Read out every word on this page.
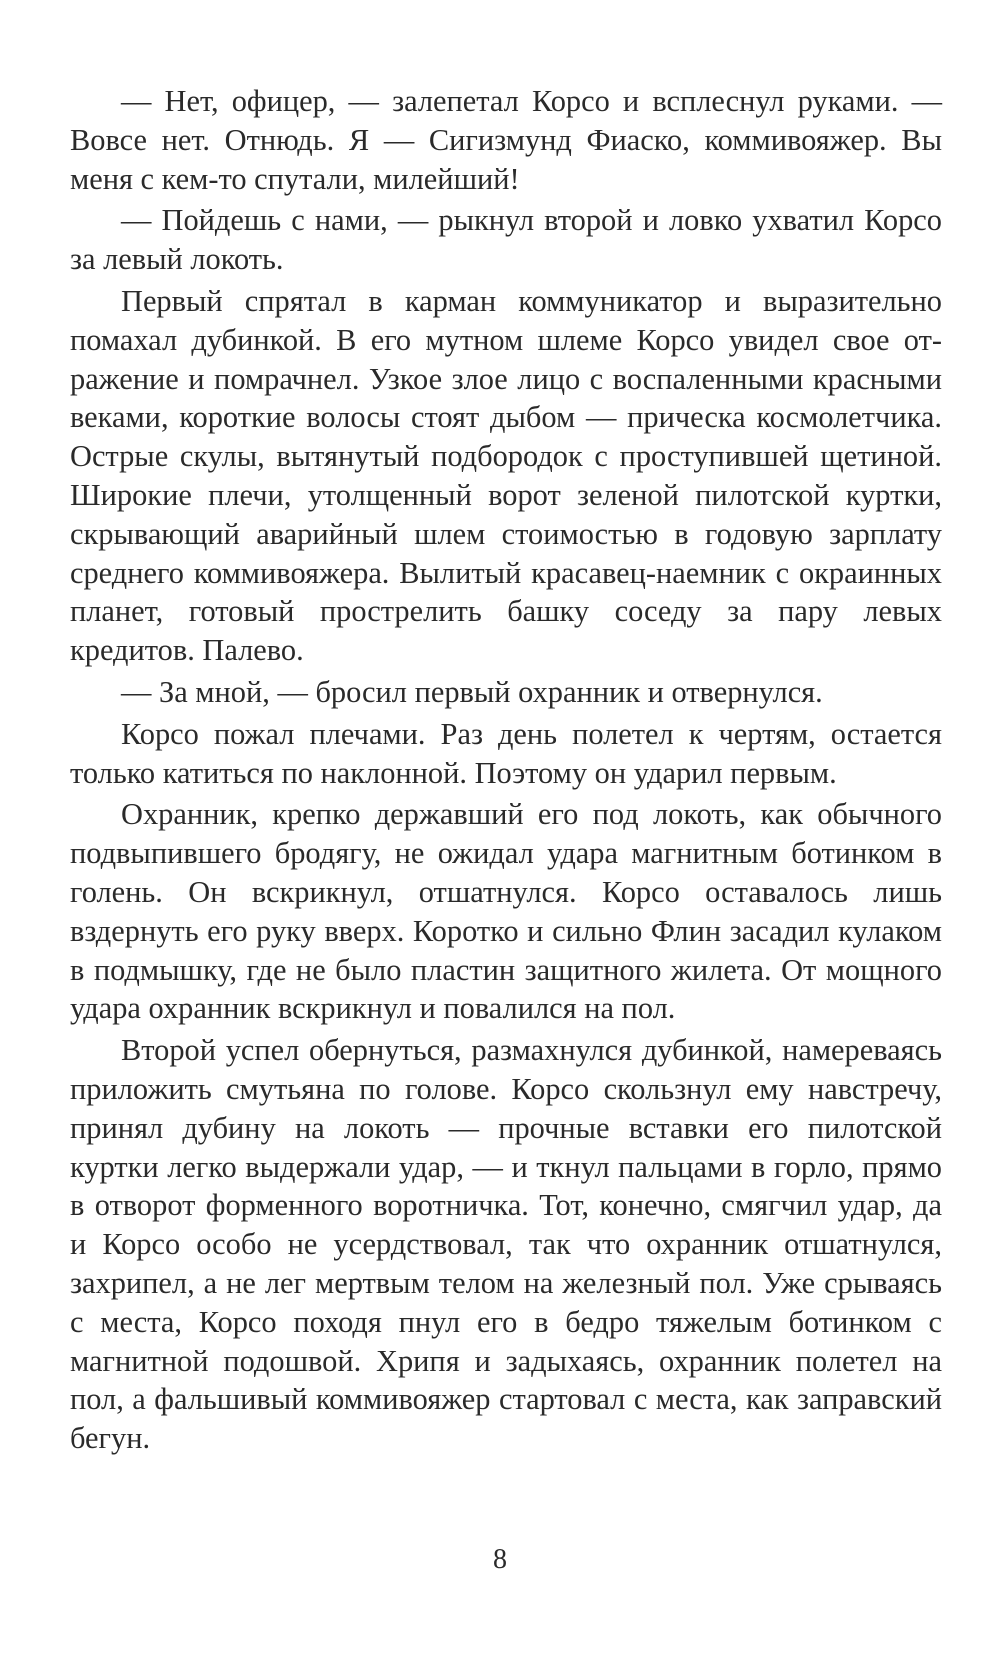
— Нет, офицер, — залепетал Корсо и всплеснул руками. — Вовсе нет. Отнюдь. Я — Сигизмунд Фиаско, коммивояжер. Вы меня с кем-то спутали, милейший!

— Пойдешь с нами, — рыкнул второй и ловко ухватил Корсо за левый локоть.

Первый спрятал в карман коммуникатор и выразительно помахал дубинкой. В его мутном шлеме Корсо увидел свое отражение и помрачнел. Узкое злое лицо с воспаленными красными веками, короткие волосы стоят дыбом — прическа космолетчика. Острые скулы, вытянутый подбородок с проступившей щетиной. Широкие плечи, утолщенный ворот зеленой пилотской куртки, скрывающий аварийный шлем стоимостью в годовую зарплату среднего коммивояжера. Вылитый красавец-наемник с окраинных планет, готовый прострелить башку соседу за пару левых кредитов. Палево.

— За мной, — бросил первый охранник и отвернулся.

Корсо пожал плечами. Раз день полетел к чертям, остается только катиться по наклонной. Поэтому он ударил первым.

Охранник, крепко державший его под локоть, как обычного подвыпившего бродягу, не ожидал удара магнитным ботинком в голень. Он вскрикнул, отшатнулся. Корсо оставалось лишь вздернуть его руку вверх. Коротко и сильно Флин засадил кулаком в подмышку, где не было пластин защитного жилета. От мощного удара охранник вскрикнул и повалился на пол.

Второй успел обернуться, размахнулся дубинкой, намереваясь приложить смутьяна по голове. Корсо скользнул ему навстречу, принял дубину на локоть — прочные вставки его пилотской куртки легко выдержали удар, — и ткнул пальцами в горло, прямо в отворот форменного воротничка. Тот, конечно, смягчил удар, да и Корсо особо не усердствовал, так что охранник отшатнулся, захрипел, а не лег мертвым телом на железный пол. Уже срываясь с места, Корсо походя пнул его в бедро тяжелым ботинком с магнитной подошвой. Хрипя и задыхаясь, охранник полетел на пол, а фальшивый коммивояжер стартовал с места, как заправский бегун.

8
